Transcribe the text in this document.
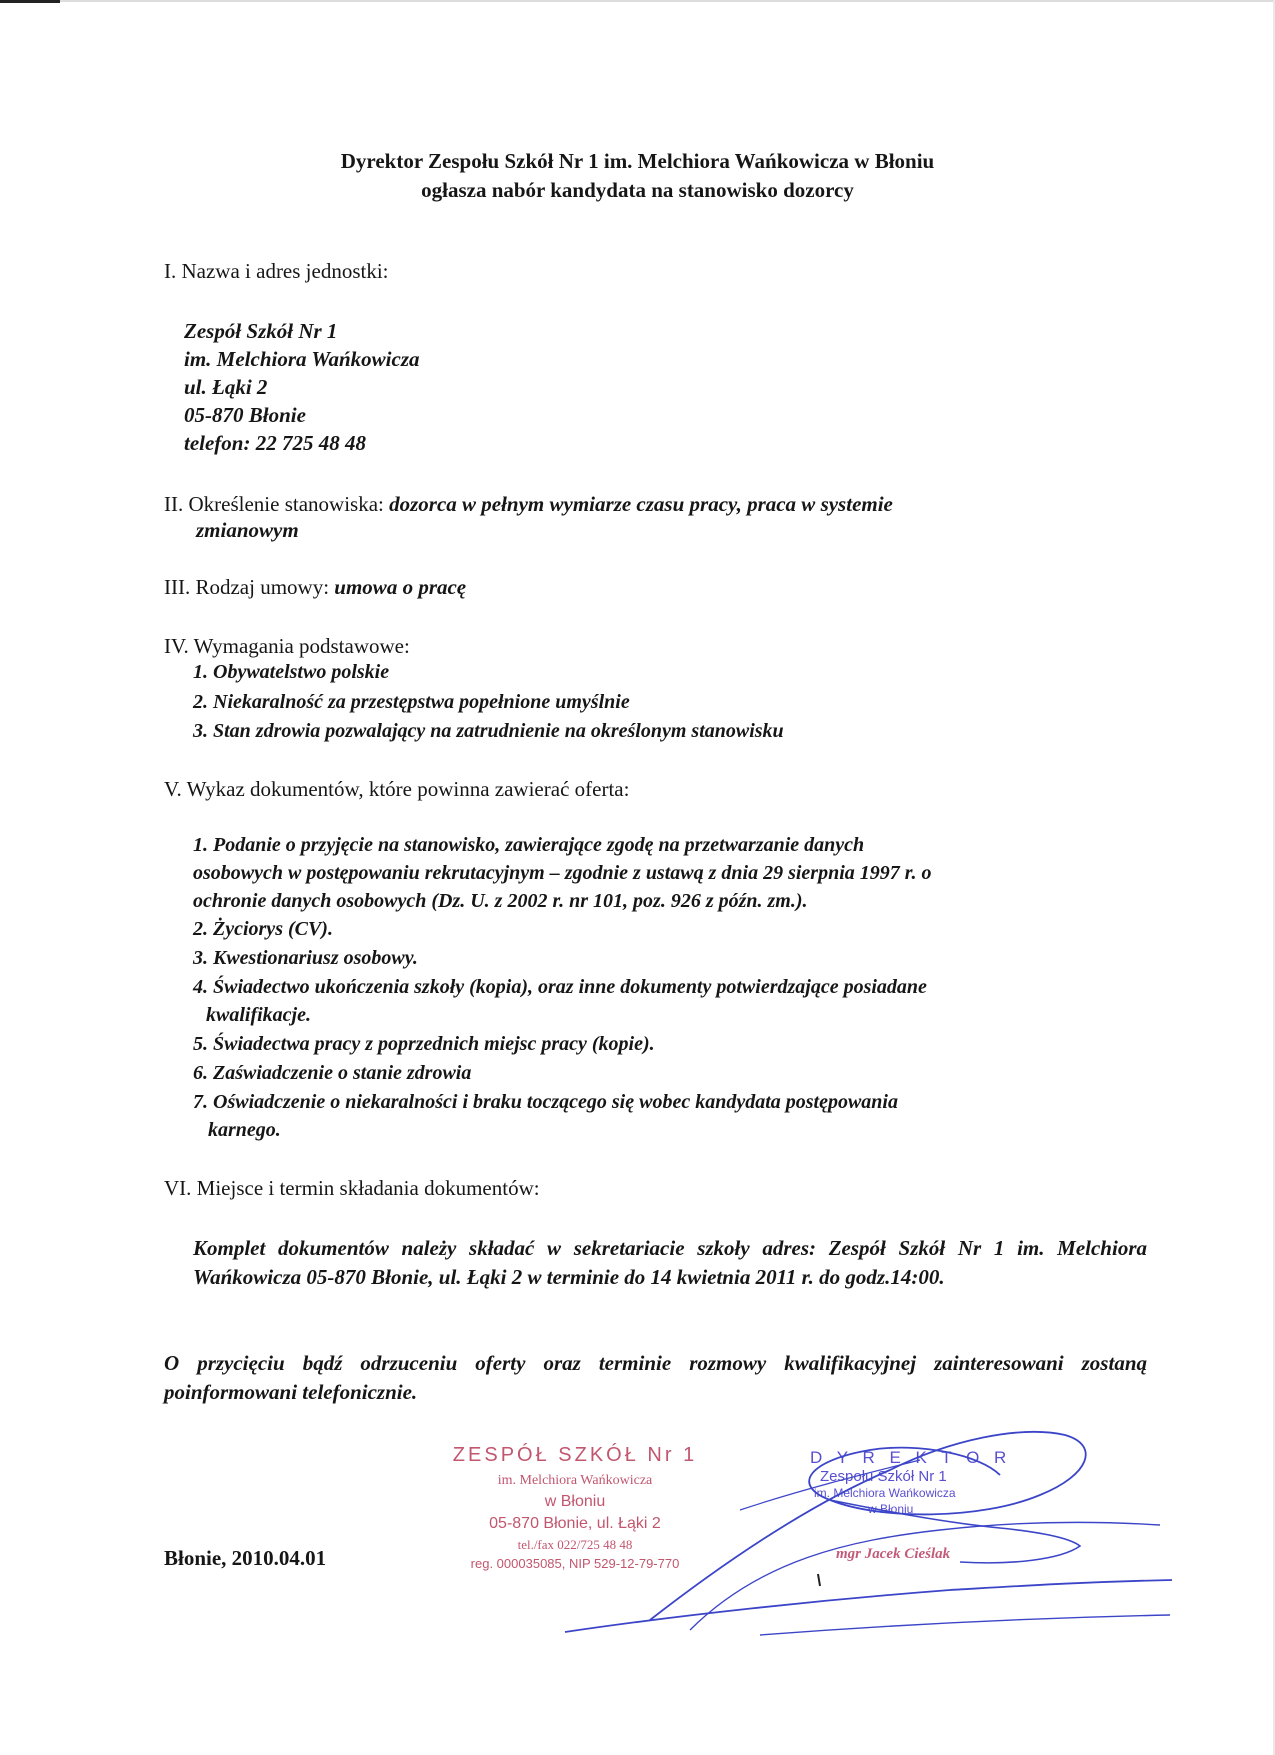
Dyrektor Zespołu Szkół Nr 1 im. Melchiora Wańkowicza w Błoniu
ogłasza nabór kandydata na stanowisko dozorcy
I. Nazwa i adres jednostki:
Zespół Szkół Nr 1
im. Melchiora Wańkowicza
ul. Łąki 2
05-870 Błonie
telefon: 22 725 48 48
II. Określenie stanowiska: dozorca w pełnym wymiarze czasu pracy, praca w systemie
zmianowym
III. Rodzaj umowy: umowa o pracę
IV. Wymagania podstawowe:
1. Obywatelstwo polskie
2. Niekaralność za przestępstwa popełnione umyślnie
3. Stan zdrowia pozwalający na zatrudnienie na określonym stanowisku
V. Wykaz dokumentów, które powinna zawierać oferta:
1. Podanie o przyjęcie na stanowisko, zawierające zgodę na przetwarzanie danych
osobowych w postępowaniu rekrutacyjnym – zgodnie z ustawą z dnia 29 sierpnia 1997 r. o
ochronie danych osobowych (Dz. U. z 2002 r. nr 101, poz. 926 z późn. zm.).
2. Życiorys (CV).
3. Kwestionariusz osobowy.
4. Świadectwo ukończenia szkoły (kopia), oraz inne dokumenty potwierdzające posiadane
kwalifikacje.
5. Świadectwa pracy z poprzednich miejsc pracy (kopie).
6. Zaświadczenie o stanie zdrowia
7. Oświadczenie o niekaralności i braku toczącego się wobec kandydata postępowania
karnego.
VI. Miejsce i termin składania dokumentów:
Komplet dokumentów należy składać w sekretariacie szkoły adres: Zespół Szkół Nr 1 im. Melchiora Wańkowicza 05-870 Błonie, ul. Łąki 2 w terminie do 14 kwietnia 2011 r. do godz.14:00.
O przycięciu bądź odrzuceniu oferty oraz terminie rozmowy kwalifikacyjnej zainteresowani zostaną poinformowani telefonicznie.
Błonie, 2010.04.01
ZESPÓŁ SZKÓŁ Nr 1
im. Melchiora Wańkowicza
w Błoniu
05-870 Błonie, ul. Łąki 2
tel./fax 022/725 48 48
reg. 000035085, NIP 529-12-79-770
D Y R E K T O R
Zespołu Szkół Nr 1
im. Melchiora Wańkowicza
w Błoniu
mgr Jacek Cieślak
